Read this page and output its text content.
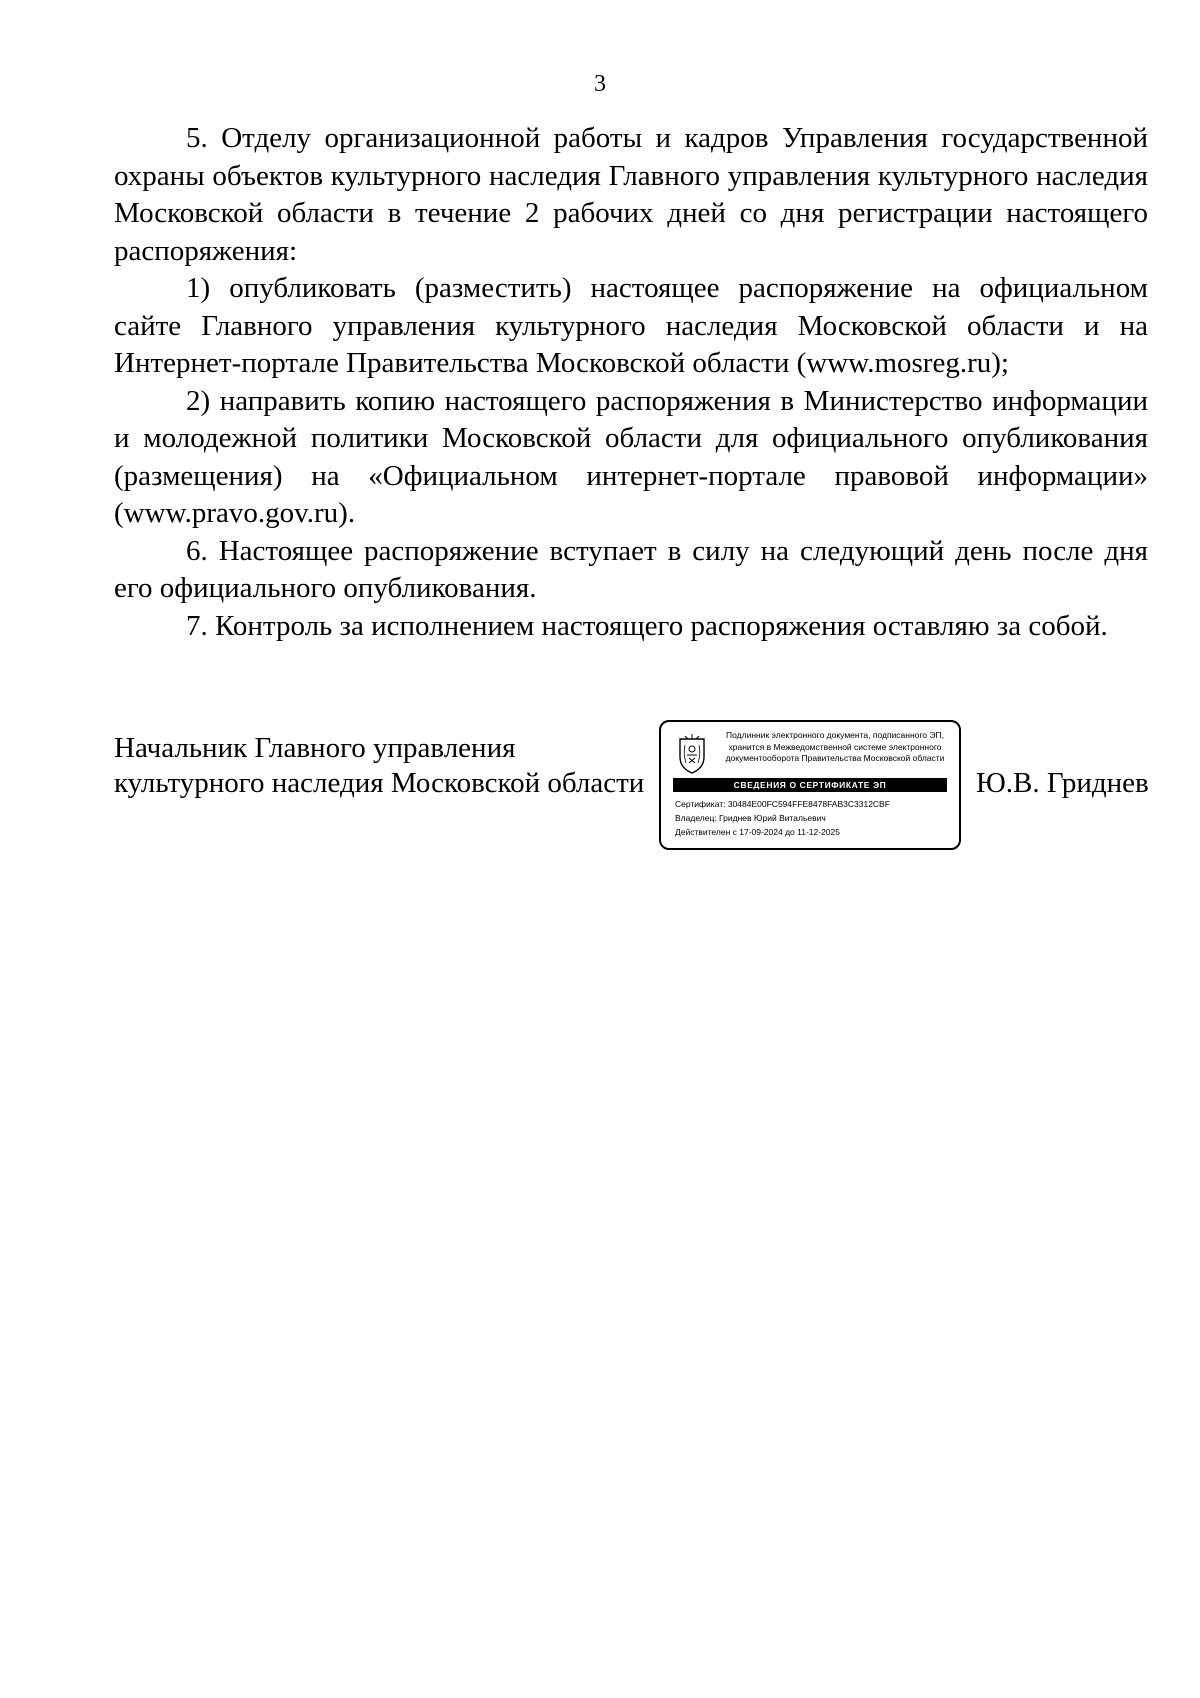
3

5. Отделу организационной работы и кадров Управления государственной охраны объектов культурного наследия Главного управления культурного наследия Московской области в течение 2 рабочих дней со дня регистрации настоящего распоряжения:

1) опубликовать (разместить) настоящее распоряжение на официальном сайте Главного управления культурного наследия Московской области и на Интернет-портале Правительства Московской области (www.mosreg.ru);

2) направить копию настоящего распоряжения в Министерство информации и молодежной политики Московской области для официального опубликования (размещения) на «Официальном интернет-портале правовой информации» (www.pravo.gov.ru).

6. Настоящее распоряжение вступает в силу на следующий день после дня его официального опубликования.

7. Контроль за исполнением настоящего распоряжения оставляю за собой.

Начальник Главного управления
культурного наследия Московской области
Подлинник электронного документа, подписанного ЭП,
хранится в Межведомственной системе электронного
документооборота Правительства Московской области
СВЕДЕНИЯ О СЕРТИФИКАТЕ ЭП
Сертификат: 30484E00FC594FFE8478FAB3C3312CBF
Владелец: Гриднев Юрий Витальевич
Действителен с 17-09-2024 до 11-12-2025
Ю.В. Гриднев
